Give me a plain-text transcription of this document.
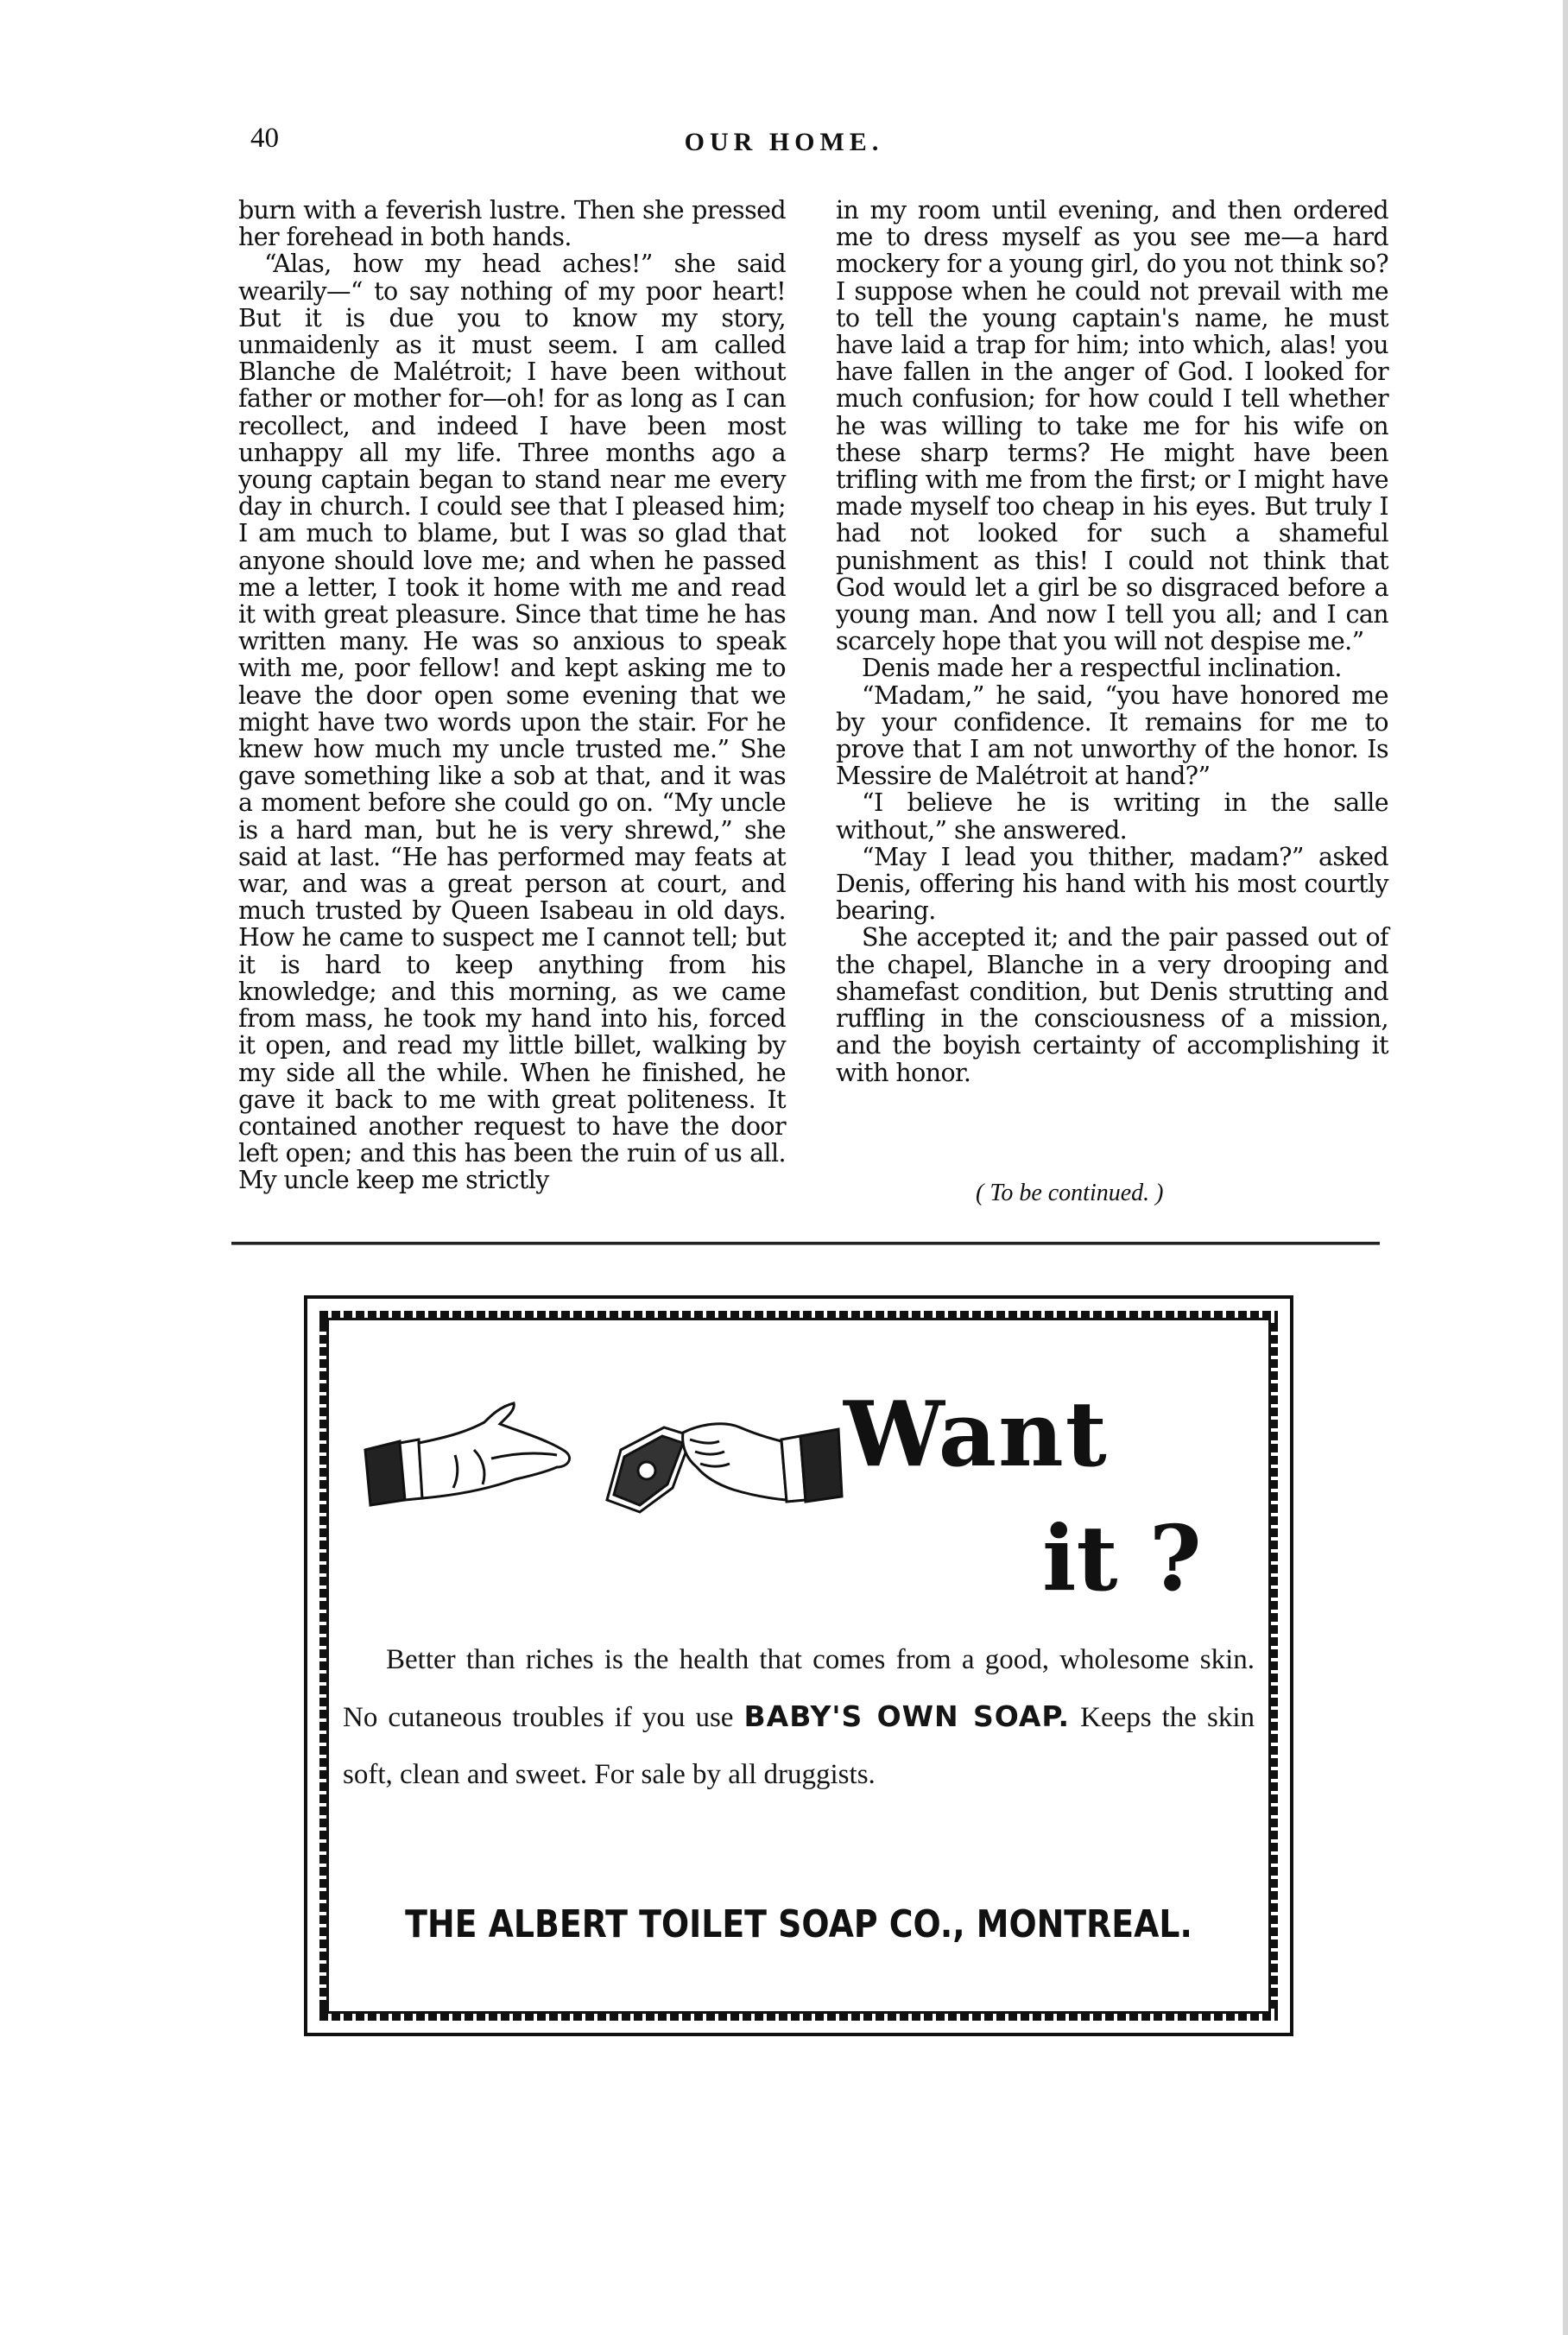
40	OUR HOME.

burn with a feverish lustre. Then she pressed her forehead in both hands.

“Alas, how my head aches!” she said wearily—“ to say nothing of my poor heart! But it is due you to know my story, unmaidenly as it must seem. I am called Blanche de Malétroit; I have been without father or mother for—oh! for as long as I can recollect, and indeed I have been most unhappy all my life. Three months ago a young captain began to stand near me every day in church. I could see that I pleased him; I am much to blame, but I was so glad that anyone should love me; and when he passed me a letter, I took it home with me and read it with great pleasure. Since that time he has written many. He was so anxious to speak with me, poor fellow! and kept asking me to leave the door open some evening that we might have two words upon the stair. For he knew how much my uncle trusted me.” She gave something like a sob at that, and it was a moment before she could go on. “My uncle is a hard man, but he is very shrewd,” she said at last. “He has performed may feats at war, and was a great person at court, and much trusted by Queen Isabeau in old days. How he came to suspect me I cannot tell; but it is hard to keep anything from his knowledge; and this morning, as we came from mass, he took my hand into his, forced it open, and read my little billet, walking by my side all the while. When he finished, he gave it back to me with great politeness. It contained another request to have the door left open; and this has been the ruin of us all. My uncle keep me strictly

in my room until evening, and then ordered me to dress myself as you see me—a hard mockery for a young girl, do you not think so? I suppose when he could not prevail with me to tell the young captain's name, he must have laid a trap for him; into which, alas! you have fallen in the anger of God. I looked for much confusion; for how could I tell whether he was willing to take me for his wife on these sharp terms? He might have been trifling with me from the first; or I might have made myself too cheap in his eyes. But truly I had not looked for such a shameful punishment as this! I could not think that God would let a girl be so disgraced before a young man. And now I tell you all; and I can scarcely hope that you will not despise me.”

Denis made her a respectful inclination.

“Madam,” he said, “you have honored me by your confidence. It remains for me to prove that I am not unworthy of the honor. Is Messire de Malétroit at hand?”

“I believe he is writing in the salle without,” she answered.

“May I lead you thither, madam?” asked Denis, offering his hand with his most courtly bearing.

She accepted it; and the pair passed out of the chapel, Blanche in a very drooping and shamefast condition, but Denis strutting and ruffling in the consciousness of a mission, and the boyish certainty of accomplishing it with honor.

( To be continued. )
Want
it ?
Better than riches is the health that comes from a good, wholesome skin. No cutaneous troubles if you use BABY'S OWN SOAP. Keeps the skin soft, clean and sweet. For sale by all druggists.
THE ALBERT TOILET SOAP CO., MONTREAL.
